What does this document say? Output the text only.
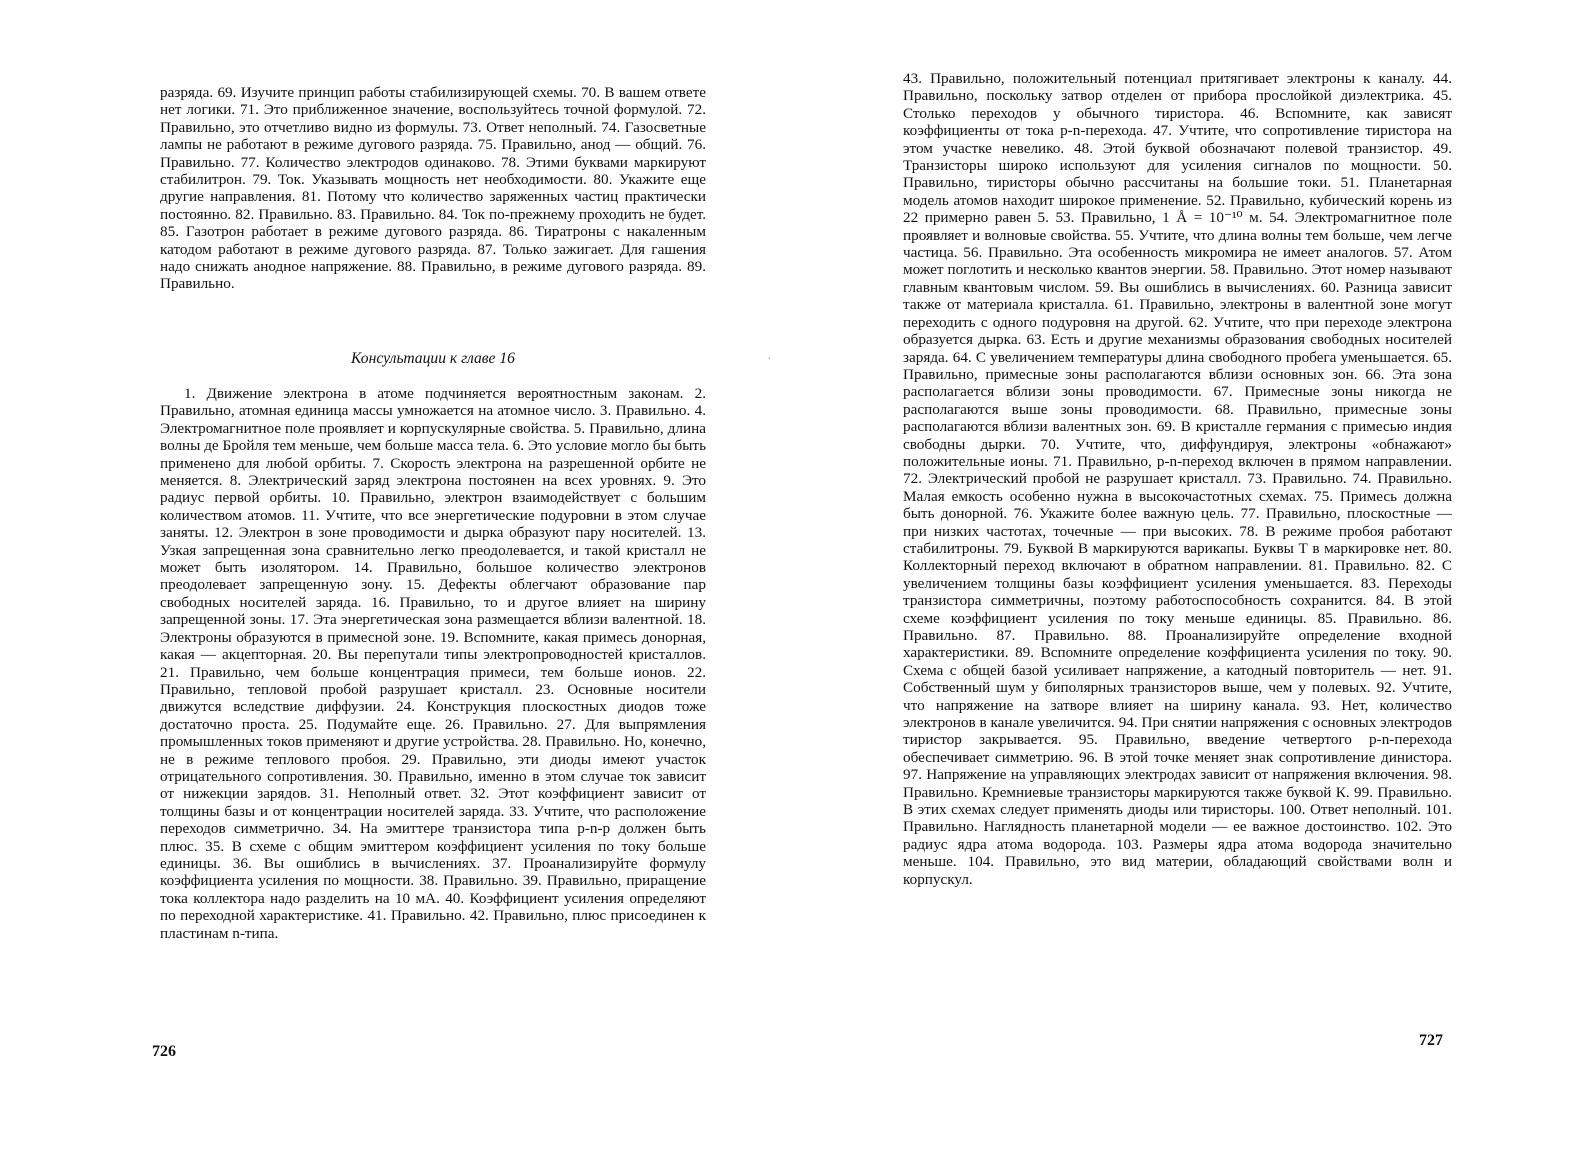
разряда. 69. Изучите принцип работы стабилизирующей схемы. 70. В вашем ответе нет логики. 71. Это приближенное значение, воспользуйтесь точной формулой. 72. Правильно, это отчетливо видно из формулы. 73. Ответ неполный. 74. Газосветные лампы не работают в режиме дугового разряда. 75. Правильно, анод — общий. 76. Правильно. 77. Количество электродов одинаково. 78. Этими буквами маркируют стабилитрон. 79. Ток. Указывать мощность нет необходимости. 80. Укажите еще другие направления. 81. Потому что количество заряженных частиц практически постоянно. 82. Правильно. 83. Правильно. 84. Ток по-прежнему проходить не будет. 85. Газотрон работает в режиме дугового разряда. 86. Тиратроны с накаленным катодом работают в режиме дугового разряда. 87. Только зажигает. Для гашения надо снижать анодное напряжение. 88. Правильно, в режиме дугового разряда. 89. Правильно.
Консультации к главе 16
1. Движение электрона в атоме подчиняется вероятностным законам. 2. Правильно, атомная единица массы умножается на атомное число. 3. Правильно. 4. Электромагнитное поле проявляет и корпускулярные свойства. 5. Правильно, длина волны де Бройля тем меньше, чем больше масса тела. 6. Это условие могло бы быть применено для любой орбиты. 7. Скорость электрона на разрешенной орбите не меняется. 8. Электрический заряд электрона постоянен на всех уровнях. 9. Это радиус первой орбиты. 10. Правильно, электрон взаимодействует с большим количеством атомов. 11. Учтите, что все энергетические подуровни в этом случае заняты. 12. Электрон в зоне проводимости и дырка образуют пару носителей. 13. Узкая запрещенная зона сравнительно легко преодолевается, и такой кристалл не может быть изолятором. 14. Правильно, большое количество электронов преодолевает запрещенную зону. 15. Дефекты облегчают образование пар свободных носителей заряда. 16. Правильно, то и другое влияет на ширину запрещенной зоны. 17. Эта энергетическая зона размещается вблизи валентной. 18. Электроны образуются в примесной зоне. 19. Вспомните, какая примесь донорная, какая — акцепторная. 20. Вы перепутали типы электропроводностей кристаллов. 21. Правильно, чем больше концентрация примеси, тем больше ионов. 22. Правильно, тепловой пробой разрушает кристалл. 23. Основные носители движутся вследствие диффузии. 24. Конструкция плоскостных диодов тоже достаточно проста. 25. Подумайте еще. 26. Правильно. 27. Для выпрямления промышленных токов применяют и другие устройства. 28. Правильно. Но, конечно, не в режиме теплового пробоя. 29. Правильно, эти диоды имеют участок отрицательного сопротивления. 30. Правильно, именно в этом случае ток зависит от нижекции зарядов. 31. Неполный ответ. 32. Этот коэффициент зависит от толщины базы и от концентрации носителей заряда. 33. Учтите, что расположение переходов симметрично. 34. На эмиттере транзистора типа p-n-p должен быть плюс. 35. В схеме с общим эмиттером коэффициент усиления по току больше единицы. 36. Вы ошиблись в вычислениях. 37. Проанализируйте формулу коэффициента усиления по мощности. 38. Правильно. 39. Правильно, приращение тока коллектора надо разделить на 10 мА. 40. Коэффициент усиления определяют по переходной характеристике. 41. Правильно. 42. Правильно, плюс присоединен к пластинам n-типа.
726
·
43. Правильно, положительный потенциал притягивает электроны к каналу. 44. Правильно, поскольку затвор отделен от прибора прослойкой диэлектрика. 45. Столько переходов у обычного тиристора. 46. Вспомните, как зависят коэффициенты от тока p-n-перехода. 47. Учтите, что сопротивление тиристора на этом участке невелико. 48. Этой буквой обозначают полевой транзистор. 49. Транзисторы широко используют для усиления сигналов по мощности. 50. Правильно, тиристоры обычно рассчитаны на большие токи. 51. Планетарная модель атомов находит широкое применение. 52. Правильно, кубический корень из 22 примерно равен 5. 53. Правильно, 1 Å = 10⁻¹⁰ м. 54. Электромагнитное поле проявляет и волновые свойства. 55. Учтите, что длина волны тем больше, чем легче частица. 56. Правильно. Эта особенность микромира не имеет аналогов. 57. Атом может поглотить и несколько квантов энергии. 58. Правильно. Этот номер называют главным квантовым числом. 59. Вы ошиблись в вычислениях. 60. Разница зависит также от материала кристалла. 61. Правильно, электроны в валентной зоне могут переходить с одного подуровня на другой. 62. Учтите, что при переходе электрона образуется дырка. 63. Есть и другие механизмы образования свободных носителей заряда. 64. С увеличением температуры длина свободного пробега уменьшается. 65. Правильно, примесные зоны располагаются вблизи основных зон. 66. Эта зона располагается вблизи зоны проводимости. 67. Примесные зоны никогда не располагаются выше зоны проводимости. 68. Правильно, примесные зоны располагаются вблизи валентных зон. 69. В кристалле германия с примесью индия свободны дырки. 70. Учтите, что, диффундируя, электроны «обнажают» положительные ионы. 71. Правильно, p-n-переход включен в прямом направлении. 72. Электрический пробой не разрушает кристалл. 73. Правильно. 74. Правильно. Малая емкость особенно нужна в высокочастотных схемах. 75. Примесь должна быть донорной. 76. Укажите более важную цель. 77. Правильно, плоскостные — при низких частотах, точечные — при высоких. 78. В режиме пробоя работают стабилитроны. 79. Буквой В маркируются варикапы. Буквы Т в маркировке нет. 80. Коллекторный переход включают в обратном направлении. 81. Правильно. 82. С увеличением толщины базы коэффициент усиления уменьшается. 83. Переходы транзистора симметричны, поэтому работоспособность сохранится. 84. В этой схеме коэффициент усиления по току меньше единицы. 85. Правильно. 86. Правильно. 87. Правильно. 88. Проанализируйте определение входной характеристики. 89. Вспомните определение коэффициента усиления по току. 90. Схема с общей базой усиливает напряжение, а катодный повторитель — нет. 91. Собственный шум у биполярных транзисторов выше, чем у полевых. 92. Учтите, что напряжение на затворе влияет на ширину канала. 93. Нет, количество электронов в канале увеличится. 94. При снятии напряжения с основных электродов тиристор закрывается. 95. Правильно, введение четвертого p-n-перехода обеспечивает симметрию. 96. В этой точке меняет знак сопротивление динистора. 97. Напряжение на управляющих электродах зависит от напряжения включения. 98. Правильно. Кремниевые транзисторы маркируются также буквой К. 99. Правильно. В этих схемах следует применять диоды или тиристоры. 100. Ответ неполный. 101. Правильно. Наглядность планетарной модели — ее важное достоинство. 102. Это радиус ядра атома водорода. 103. Размеры ядра атома водорода значительно меньше. 104. Правильно, это вид материи, обладающий свойствами волн и корпускул.
727
